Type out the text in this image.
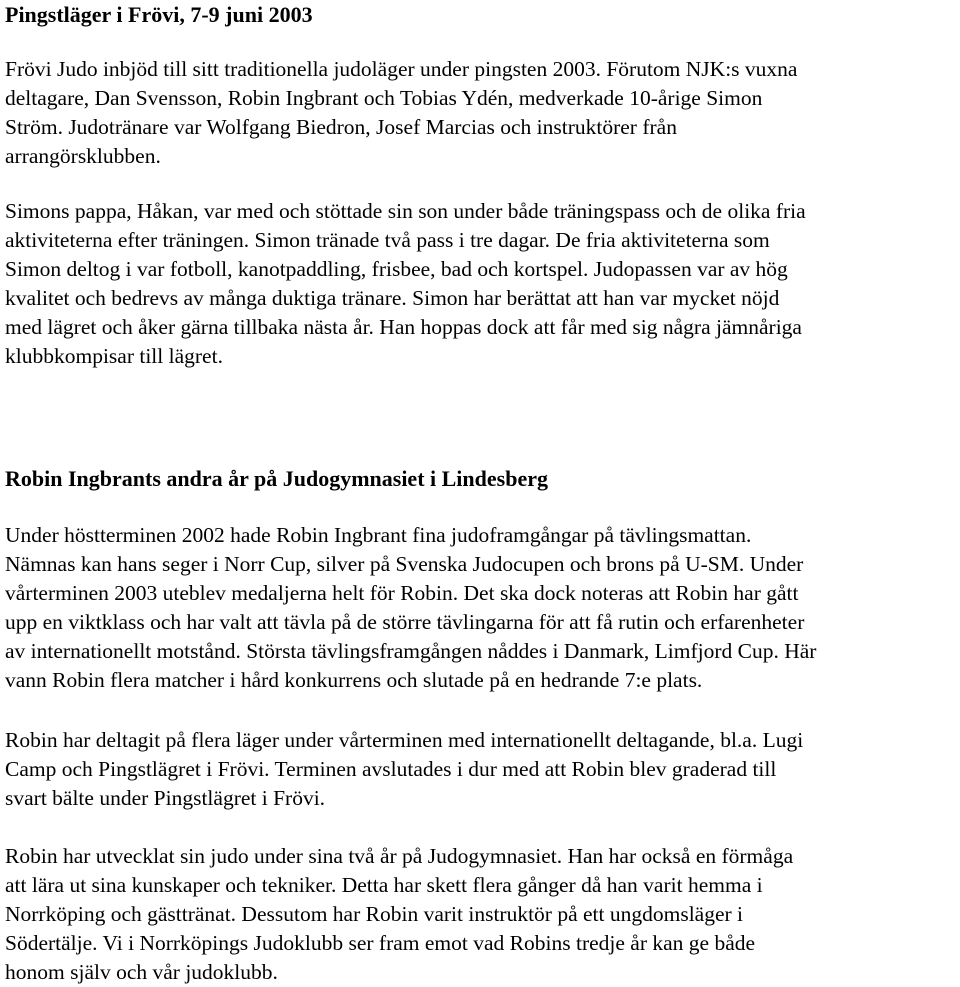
Pingstläger i Frövi, 7-9 juni 2003

Frövi Judo inbjöd till sitt traditionella judoläger under pingsten 2003. Förutom NJK:s vuxna
deltagare, Dan Svensson, Robin Ingbrant och Tobias Ydén, medverkade 10-årige Simon
Ström. Judotränare var Wolfgang Biedron, Josef Marcias och instruktörer från
arrangörsklubben.

Simons pappa, Håkan, var med och stöttade sin son under både träningspass och de olika fria
aktiviteterna efter träningen. Simon tränade två pass i tre dagar. De fria aktiviteterna som
Simon deltog i var fotboll, kanotpaddling, frisbee, bad och kortspel. Judopassen var av hög
kvalitet och bedrevs av många duktiga tränare. Simon har berättat att han var mycket nöjd
med lägret och åker gärna tillbaka nästa år. Han hoppas dock att får med sig några jämnåriga
klubbkompisar till lägret.

Robin Ingbrants andra år på Judogymnasiet i Lindesberg

Under höstterminen 2002 hade Robin Ingbrant fina judoframgångar på tävlingsmattan.
Nämnas kan hans seger i Norr Cup, silver på Svenska Judocupen och brons på U-SM. Under
vårterminen 2003 uteblev medaljerna helt för Robin. Det ska dock noteras att Robin har gått
upp en viktklass och har valt att tävla på de större tävlingarna för att få rutin och erfarenheter
av internationellt motstånd. Största tävlingsframgången nåddes i Danmark, Limfjord Cup. Här
vann Robin flera matcher i hård konkurrens och slutade på en hedrande 7:e plats.

Robin har deltagit på flera läger under vårterminen med internationellt deltagande, bl.a. Lugi
Camp och Pingstlägret i Frövi. Terminen avslutades i dur med att Robin blev graderad till
svart bälte under Pingstlägret i Frövi.

Robin har utvecklat sin judo under sina två år på Judogymnasiet. Han har också en förmåga
att lära ut sina kunskaper och tekniker. Detta har skett flera gånger då han varit hemma i
Norrköping och gästtränat. Dessutom har Robin varit instruktör på ett ungdomsläger i
Södertälje. Vi i Norrköpings Judoklubb ser fram emot vad Robins tredje år kan ge både
honom själv och vår judoklubb.
